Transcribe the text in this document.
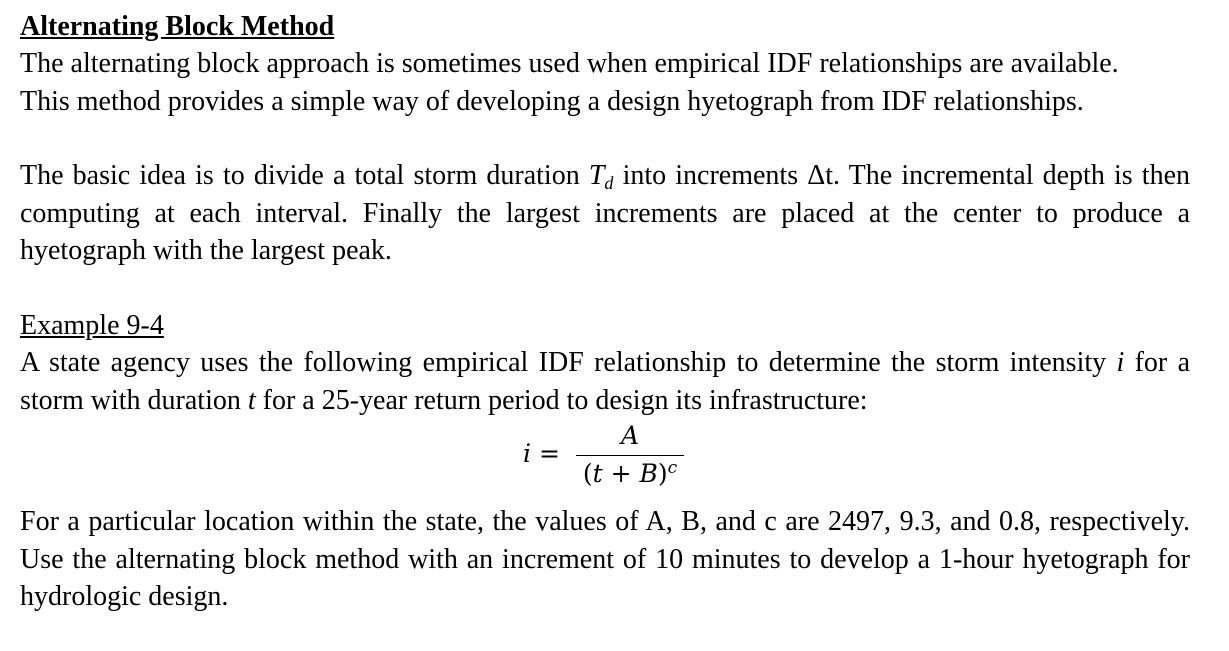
Alternating Block Method

The alternating block approach is sometimes used when empirical IDF relationships are available.
This method provides a simple way of developing a design hyetograph from IDF relationships.

The basic idea is to divide a total storm duration $T_d$ into increments Δt. The incremental depth is then computing at each interval. Finally the largest increments are placed at the center to produce a hyetograph with the largest peak.

Example 9-4

A state agency uses the following empirical IDF relationship to determine the storm intensity i for a storm with duration t for a 25-year return period to design its infrastructure:

i =
A
$(t + B)^c$

For a particular location within the state, the values of A, B, and c are 2497, 9.3, and 0.8, respectively. Use the alternating block method with an increment of 10 minutes to develop a 1-hour hyetograph for hydrologic design.
